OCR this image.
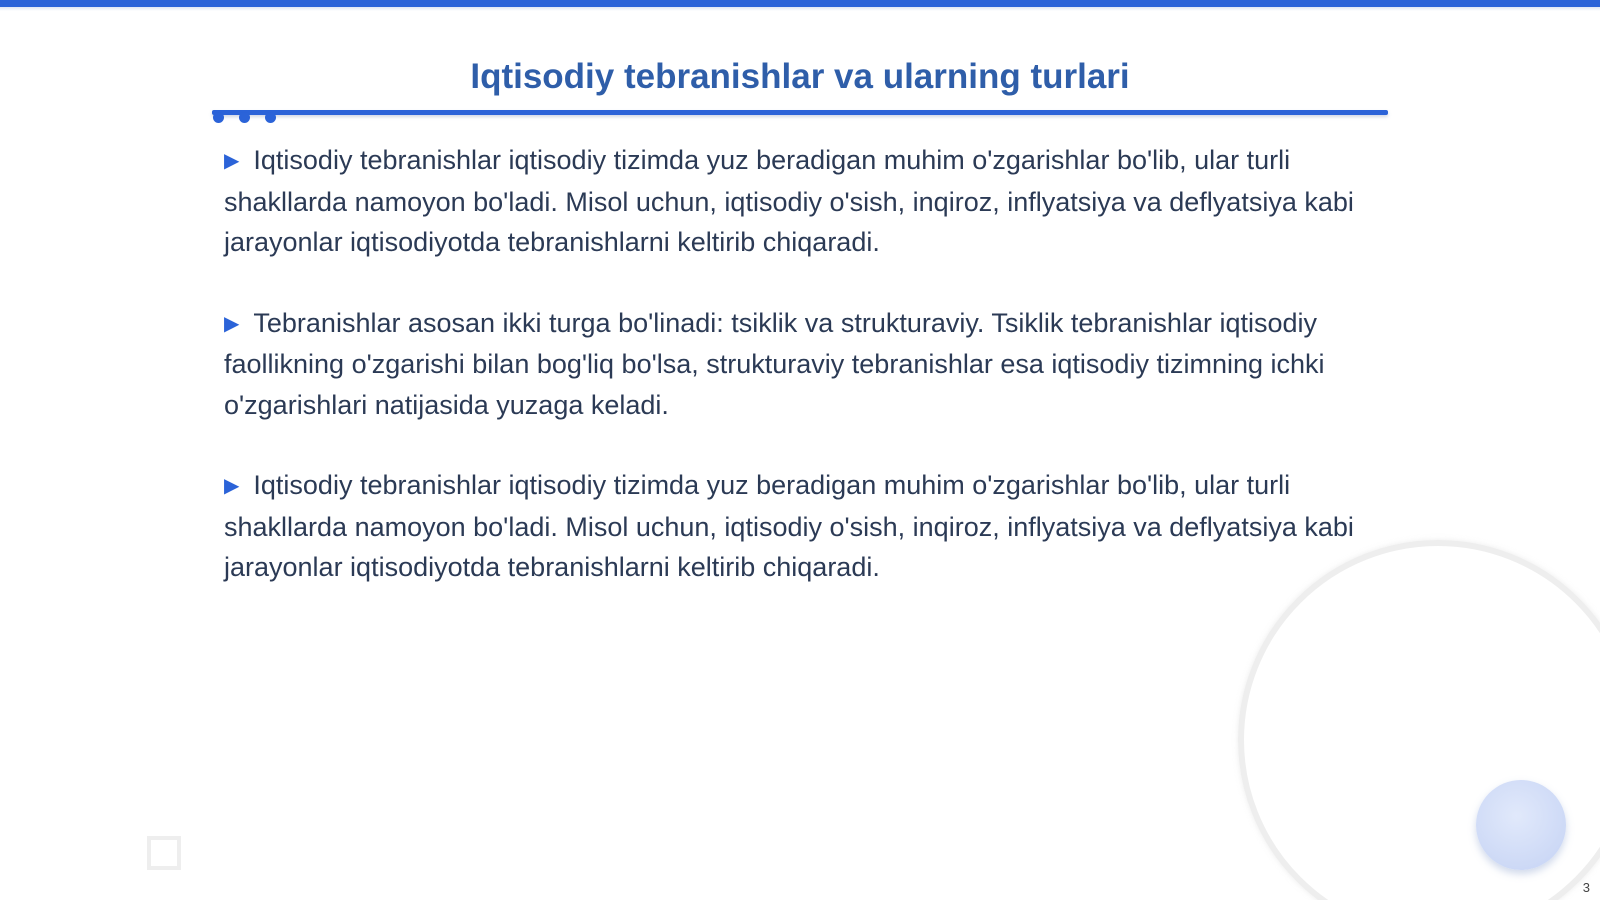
Iqtisodiy tebranishlar va ularning turlari
▶ Iqtisodiy tebranishlar iqtisodiy tizimda yuz beradigan muhim o'zgarishlar bo'lib, ular turli shakllarda namoyon bo'ladi. Misol uchun, iqtisodiy o'sish, inqiroz, inflyatsiya va deflyatsiya kabi jarayonlar iqtisodiyotda tebranishlarni keltirib chiqaradi.
▶ Tebranishlar asosan ikki turga bo'linadi: tsiklik va strukturaviy. Tsiklik tebranishlar iqtisodiy faollikning o'zgarishi bilan bog'liq bo'lsa, strukturaviy tebranishlar esa iqtisodiy tizimning ichki o'zgarishlari natijasida yuzaga keladi.
▶ Iqtisodiy tebranishlar iqtisodiy tizimda yuz beradigan muhim o'zgarishlar bo'lib, ular turli shakllarda namoyon bo'ladi. Misol uchun, iqtisodiy o'sish, inqiroz, inflyatsiya va deflyatsiya kabi jarayonlar iqtisodiyotda tebranishlarni keltirib chiqaradi.
3
